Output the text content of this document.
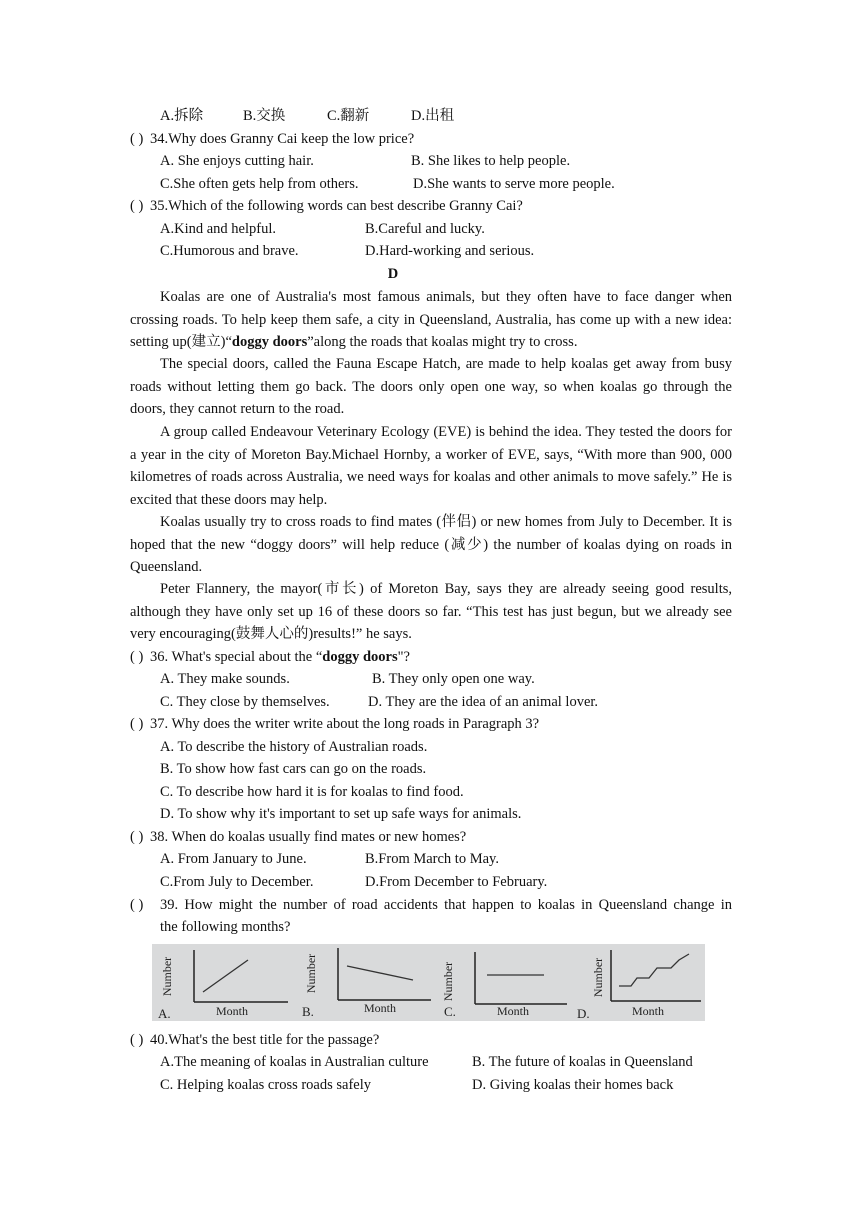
A.拆除	B.交换	C.翻新	D.出租
( ) 34.Why does Granny Cai keep the low price?
A. She enjoys cutting hair.	B. She likes to help people.
C.She often gets help from others.	D.She wants to serve more people.
( ) 35.Which of the following words can best describe Granny Cai?
A.Kind and helpful.	B.Careful and lucky.
C.Humorous and brave.	D.Hard-working and serious.
D
Koalas are one of Australia's most famous animals, but they often have to face danger when crossing roads. To help keep them safe, a city in Queensland, Australia, has come up with a new idea: setting up(建立)“doggy doors”along the roads that koalas might try to cross.
The special doors, called the Fauna Escape Hatch, are made to help koalas get away from busy roads without letting them go back. The doors only open one way, so when koalas go through the doors, they cannot return to the road.
A group called Endeavour Veterinary Ecology (EVE) is behind the idea. They tested the doors for a year in the city of Moreton Bay.Michael Hornby, a worker of EVE, says, “With more than 900, 000 kilometres of roads across Australia, we need ways for koalas and other animals to move safely.” He is excited that these doors may help.
Koalas usually try to cross roads to find mates (伴侣) or new homes from July to December. It is hoped that the new “doggy doors” will help reduce (减少) the number of koalas dying on roads in Queensland.
Peter Flannery, the mayor(市长) of Moreton Bay, says they are already seeing good results, although they have only set up 16 of these doors so far. “This test has just begun, but we already see very encouraging(鼓舞人心的)results!” he says.
( ) 36. What's special about the “doggy doors"?
A. They make sounds.	B. They only open one way.
C. They close by themselves.	D. They are the idea of an animal lover.
( ) 37. Why does the writer write about the long roads in Paragraph 3?
A. To describe the history of Australian roads.
B. To show how fast cars can go on the roads.
C. To describe how hard it is for koalas to find food.
D. To show why it's important to set up safe ways for animals.
( ) 38. When do koalas usually find mates or new homes?
A. From January to June.	B.From March to May.
C.From July to December.	D.From December to February.
( ) 39. How might the number of road accidents that happen to koalas in Queensland change in
the following months?
A.	Month
Number
B.	Month
Number
C.	Month
Number
D.	Month
Number
( ) 40.What's the best title for the passage?
A.The meaning of koalas in Australian culture	B. The future of koalas in Queensland
C. Helping koalas cross roads safely	D. Giving koalas their homes back
